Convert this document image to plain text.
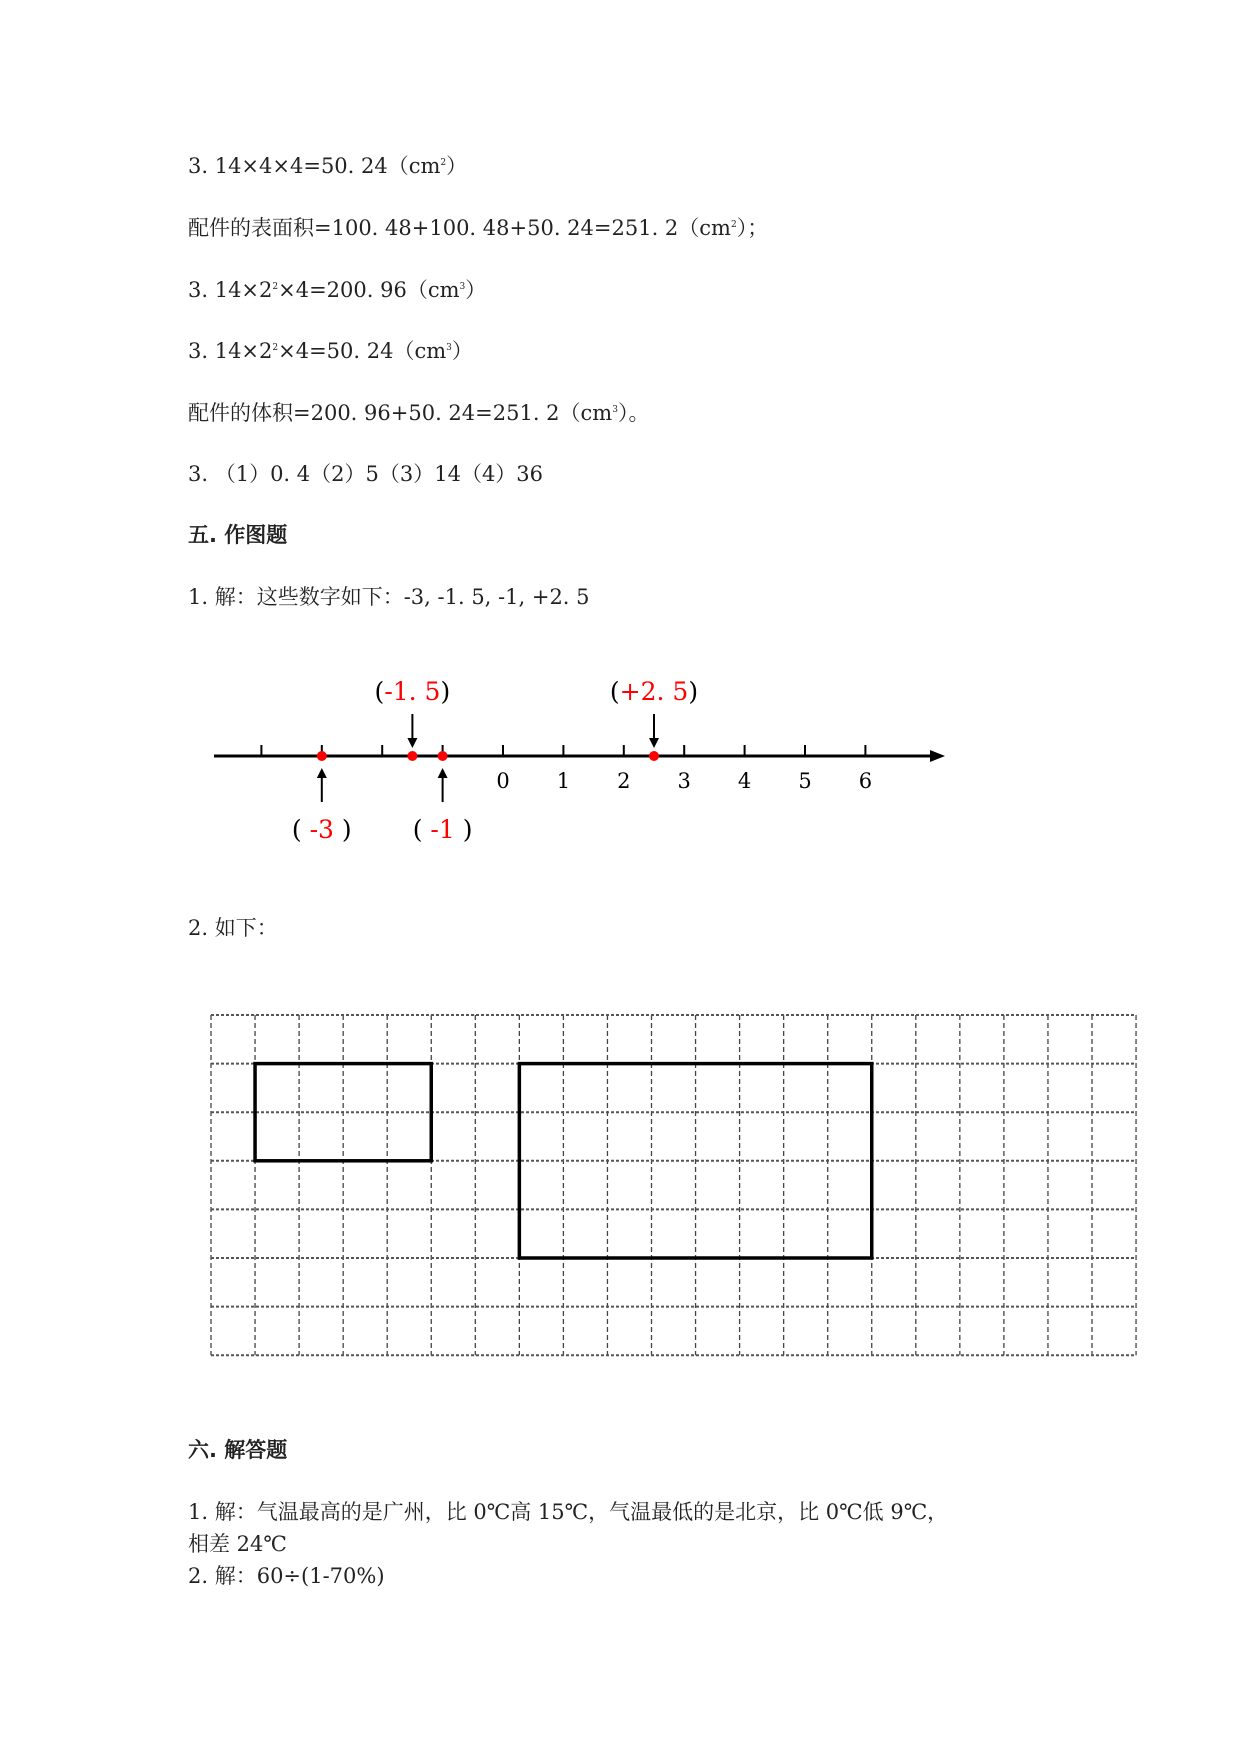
3. 14×4×4=50. $24(cm^2)$
配件的表面积=100. 48+100. 48+50. 24=251. $2(cm^2)$；
3. $14\times 2^2\times 4=200$. $96(cm^3)$
3. $14\times 2^2\times 4=50$. $24(cm^3)$
配件的体积=200. 96+50. 24=251. $2(cm^3)$。
3. （1）0. 4（2）5（3）14（4）36
五. 作图题
1. 解：这些数字如下：-3, -1. 5, -1, +2. 5
0 1 2 3 4 5 6
( -3 )
(-1. 5)
( -1 )
(+2. 5)
2. 如下：
六. 解答题
1. 解：气温最高的是广州，比 0℃高 15℃，气温最低的是北京，比 0℃低 9℃，
相差 24℃
2. 解：60÷(1-70%)
